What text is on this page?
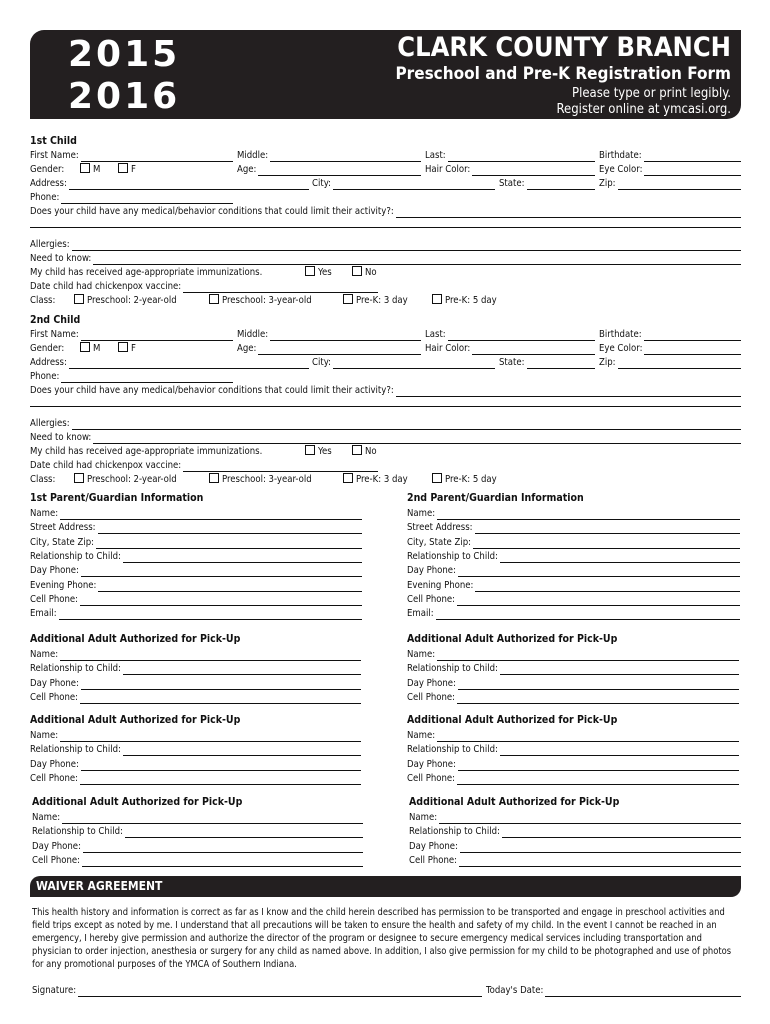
2015
2016
CLARK COUNTY BRANCH
Preschool and Pre-K Registration Form
Please type or print legibly.
Register online at ymcasi.org.
1st Child
First Name:	Middle:	Last:	Birthdate:
Gender:	M	F	Age:	Hair Color:	Eye Color:
Address:	City:	State:	Zip:
Phone:
Does your child have any medical/behavior conditions that could limit their activity?:
Allergies:
Need to know:
My child has received age-appropriate immunizations.	Yes	No
Date child had chickenpox vaccine:
Class:	Preschool: 2-year-old	Preschool: 3-year-old	Pre-K: 3 day	Pre-K: 5 day
2nd Child
First Name:	Middle:	Last:	Birthdate:
Gender:	M	F	Age:	Hair Color:	Eye Color:
Address:	City:	State:	Zip:
Phone:
Does your child have any medical/behavior conditions that could limit their activity?:
Allergies:
Need to know:
My child has received age-appropriate immunizations.	Yes	No
Date child had chickenpox vaccine:
Class:	Preschool: 2-year-old	Preschool: 3-year-old	Pre-K: 3 day	Pre-K: 5 day
1st Parent/Guardian Information
Name:
Street Address:
City, State Zip:
Relationship to Child:
Day Phone:
Evening Phone:
Cell Phone:
Email:
2nd Parent/Guardian Information
Name:
Street Address:
City, State Zip:
Relationship to Child:
Day Phone:
Evening Phone:
Cell Phone:
Email:
Additional Adult Authorized for Pick-Up
Name:
Relationship to Child:
Day Phone:
Cell Phone:
Additional Adult Authorized for Pick-Up
Name:
Relationship to Child:
Day Phone:
Cell Phone:
Additional Adult Authorized for Pick-Up
Name:
Relationship to Child:
Day Phone:
Cell Phone:
Additional Adult Authorized for Pick-Up
Name:
Relationship to Child:
Day Phone:
Cell Phone:
Additional Adult Authorized for Pick-Up
Name:
Relationship to Child:
Day Phone:
Cell Phone:
Additional Adult Authorized for Pick-Up
Name:
Relationship to Child:
Day Phone:
Cell Phone:
WAIVER AGREEMENT
This health history and information is correct as far as I know and the child herein described has permission to be transported and engage in preschool activities and field trips except as noted by me. I understand that all precautions will be taken to ensure the health and safety of my child. In the event I cannot be reached in an emergency, I hereby give permission and authorize the director of the program or designee to secure emergency medical services including transportation and physician to order injection, anesthesia or surgery for any child as named above. In addition, I also give permission for my child to be photographed and use of photos for any promotional purposes of the YMCA of Southern Indiana.
Signature:	Today's Date:
